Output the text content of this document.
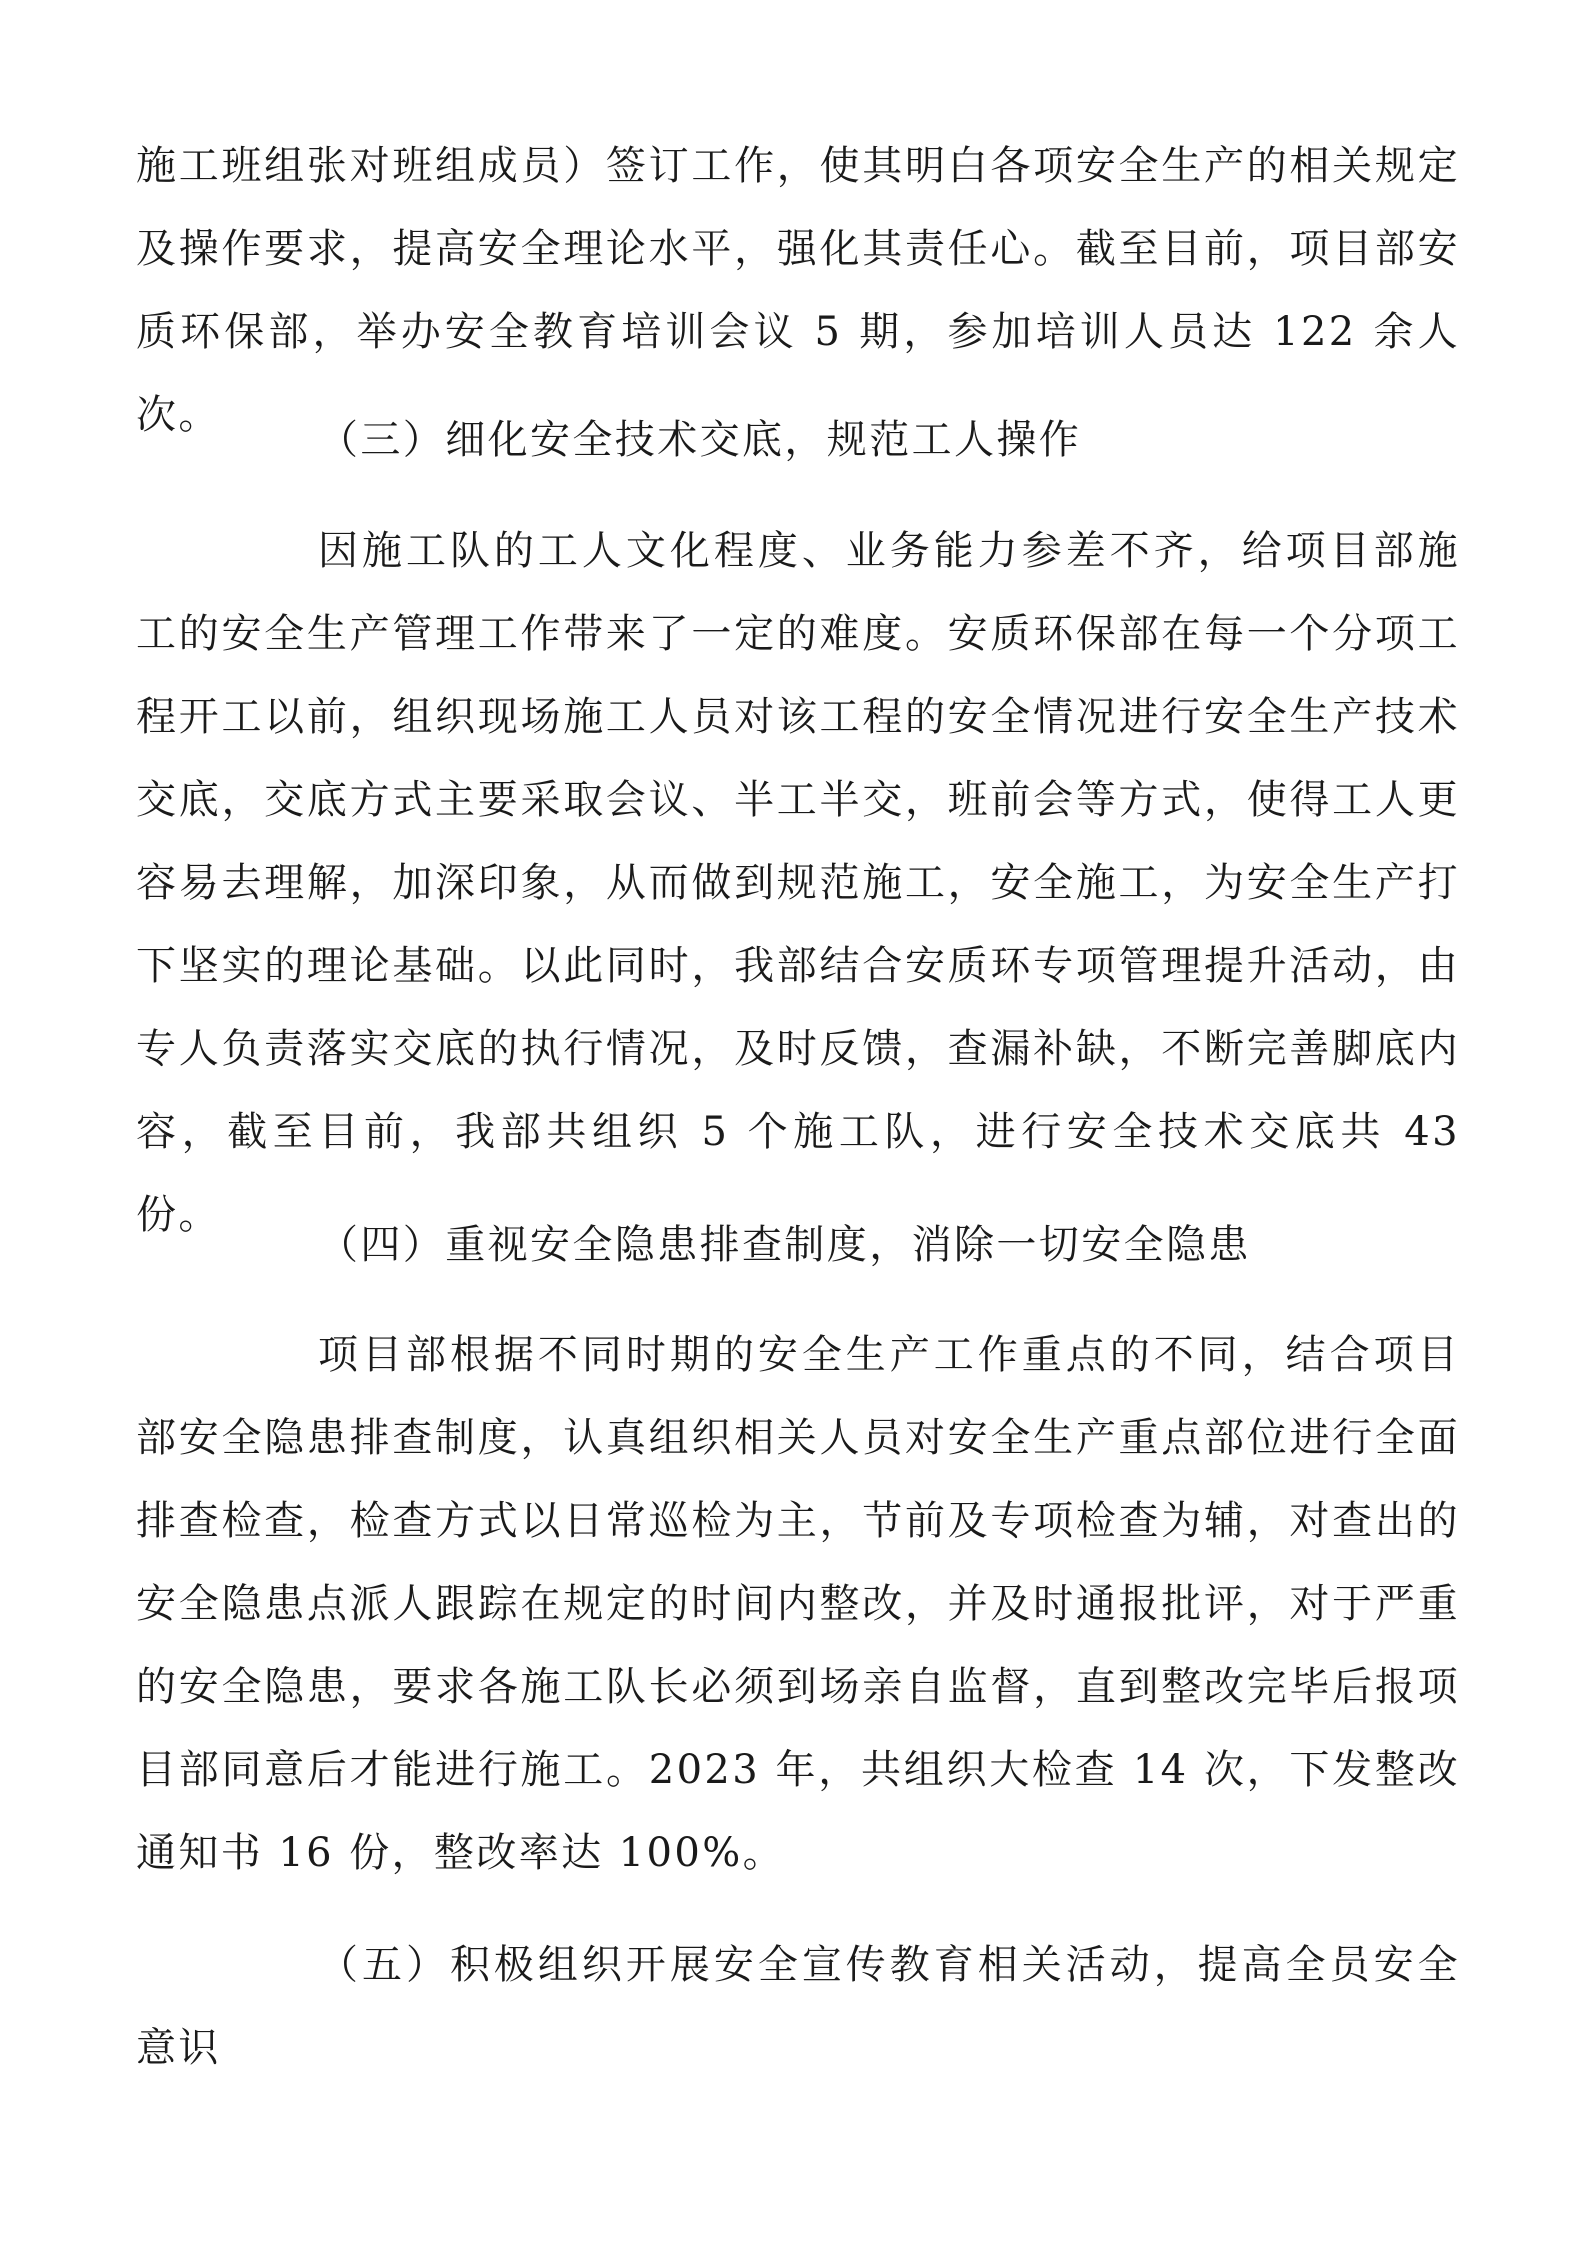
施工班组张对班组成员）签订工作，使其明白各项安全生产的相关规定及操作要求，提高安全理论水平，强化其责任心。截至目前，项目部安质环保部，举办安全教育培训会议 5 期，参加培训人员达 122 余人次。

（三）细化安全技术交底，规范工人操作

因施工队的工人文化程度、业务能力参差不齐，给项目部施工的安全生产管理工作带来了一定的难度。安质环保部在每一个分项工程开工以前，组织现场施工人员对该工程的安全情况进行安全生产技术交底，交底方式主要采取会议、半工半交，班前会等方式，使得工人更容易去理解，加深印象，从而做到规范施工，安全施工，为安全生产打下坚实的理论基础。以此同时，我部结合安质环专项管理提升活动，由专人负责落实交底的执行情况，及时反馈，查漏补缺，不断完善脚底内容，截至目前，我部共组织 5 个施工队，进行安全技术交底共 43 份。

（四）重视安全隐患排查制度，消除一切安全隐患

项目部根据不同时期的安全生产工作重点的不同，结合项目部安全隐患排查制度，认真组织相关人员对安全生产重点部位进行全面排查检查，检查方式以日常巡检为主，节前及专项检查为辅，对查出的安全隐患点派人跟踪在规定的时间内整改，并及时通报批评，对于严重的安全隐患，要求各施工队长必须到场亲自监督，直到整改完毕后报项目部同意后才能进行施工。2023 年，共组织大检查 14 次，下发整改通知书 16 份，整改率达 100%。

（五）积极组织开展安全宣传教育相关活动，提高全员安全意识
